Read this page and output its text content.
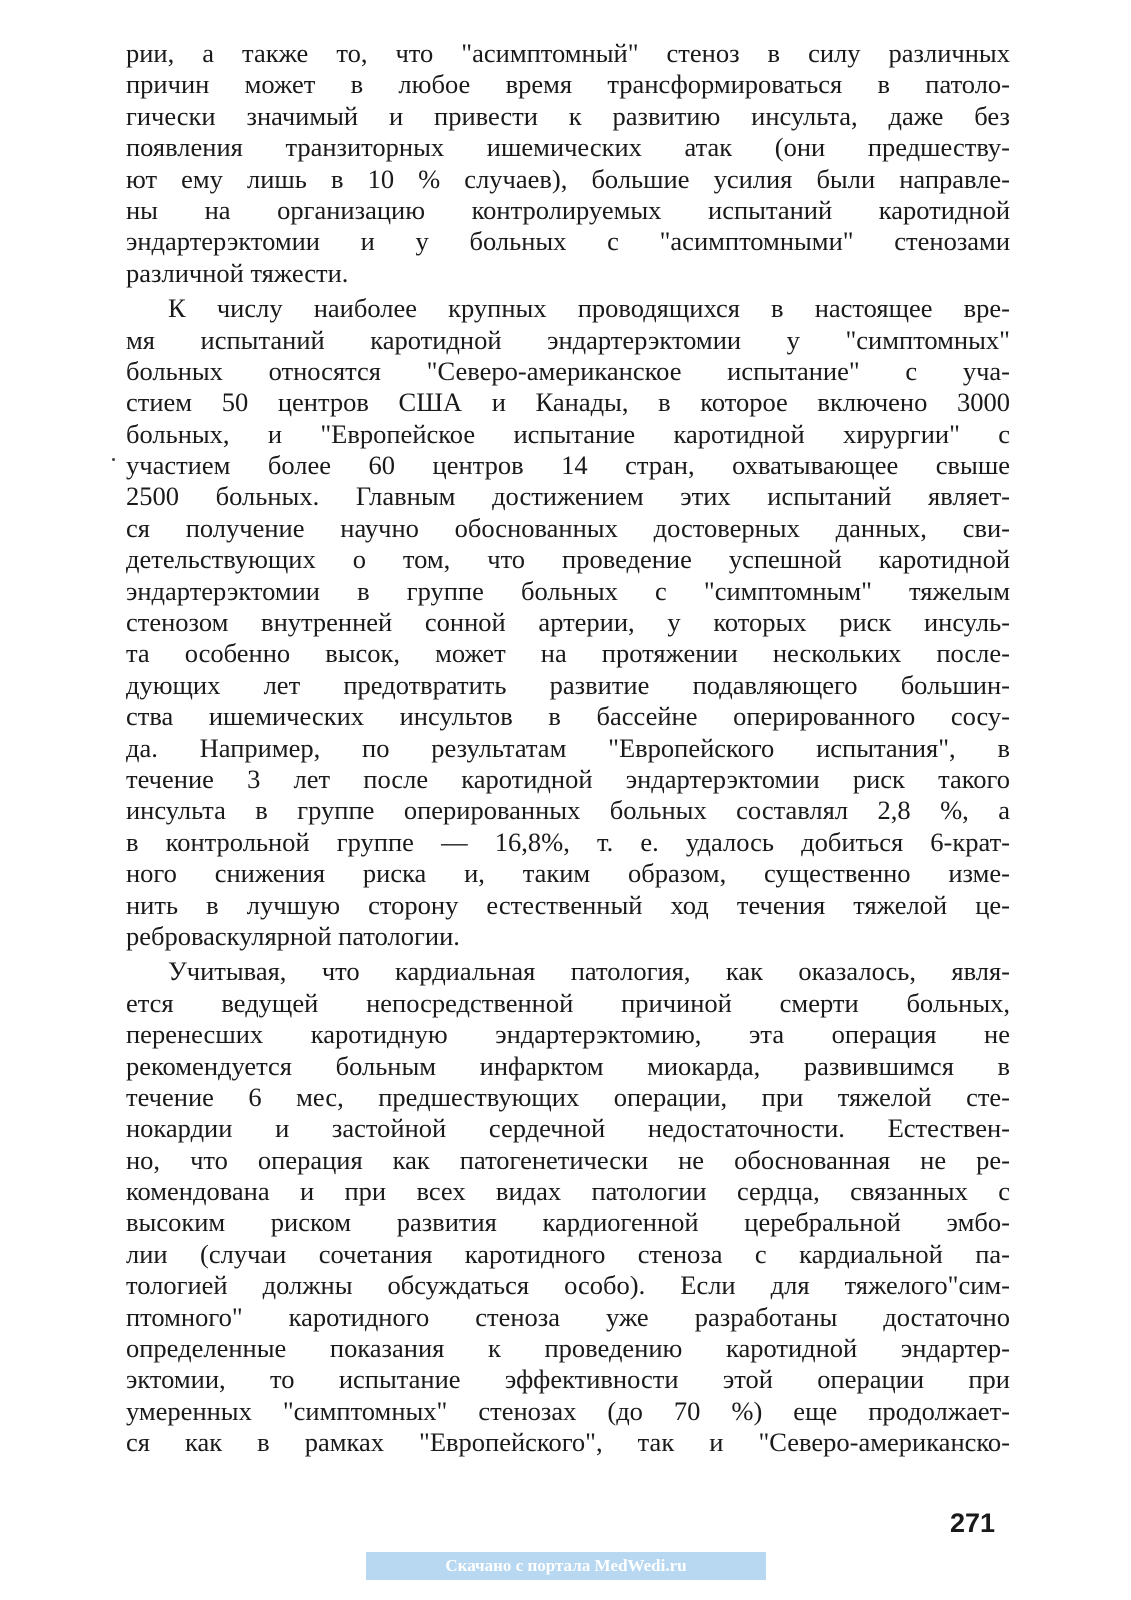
рии, а также то, что "асимптомный" стеноз в силу различных
причин может в любое время трансформироваться в патоло-
гически значимый и привести к развитию инсульта, даже без
появления транзиторных ишемических атак (они предшеству-
ют ему лишь в 10 % случаев), большие усилия были направле-
ны на организацию контролируемых испытаний каротидной
эндартерэктомии и у больных с "асимптомными" стенозами
различной тяжести.
К числу наиболее крупных проводящихся в настоящее вре-
мя испытаний каротидной эндартерэктомии у "симптомных"
больных относятся "Северо-американское испытание" с уча-
стием 50 центров США и Канады, в которое включено 3000
больных, и "Европейское испытание каротидной хирургии" с
участием более 60 центров 14 стран, охватывающее свыше
2500 больных. Главным достижением этих испытаний являет-
ся получение научно обоснованных достоверных данных, сви-
детельствующих о том, что проведение успешной каротидной
эндартерэктомии в группе больных с "симптомным" тяжелым
стенозом внутренней сонной артерии, у которых риск инсуль-
та особенно высок, может на протяжении нескольких после-
дующих лет предотвратить развитие подавляющего большин-
ства ишемических инсультов в бассейне оперированного сосу-
да. Например, по результатам "Европейского испытания", в
течение 3 лет после каротидной эндартерэктомии риск такого
инсульта в группе оперированных больных составлял 2,8 %, а
в контрольной группе — 16,8%, т. е. удалось добиться 6-крат-
ного снижения риска и, таким образом, существенно изме-
нить в лучшую сторону естественный ход течения тяжелой це-
реброваскулярной патологии.
Учитывая, что кардиальная патология, как оказалось, явля-
ется ведущей непосредственной причиной смерти больных,
перенесших каротидную эндартерэктомию, эта операция не
рекомендуется больным инфарктом миокарда, развившимся в
течение 6 мес, предшествующих операции, при тяжелой сте-
нокардии и застойной сердечной недостаточности. Естествен-
но, что операция как патогенетически не обоснованная не ре-
комендована и при всех видах патологии сердца, связанных с
высоким риском развития кардиогенной церебральной эмбо-
лии (случаи сочетания каротидного стеноза с кардиальной па-
тологией должны обсуждаться особо). Если для тяжелого"сим-
птомного" каротидного стеноза уже разработаны достаточно
определенные показания к проведению каротидной эндартер-
эктомии, то испытание эффективности этой операции при
умеренных "симптомных" стенозах (до 70 %) еще продолжает-
ся как в рамках "Европейского", так и "Северо-американско-
271
Скачано с портала MedWedi.ru
